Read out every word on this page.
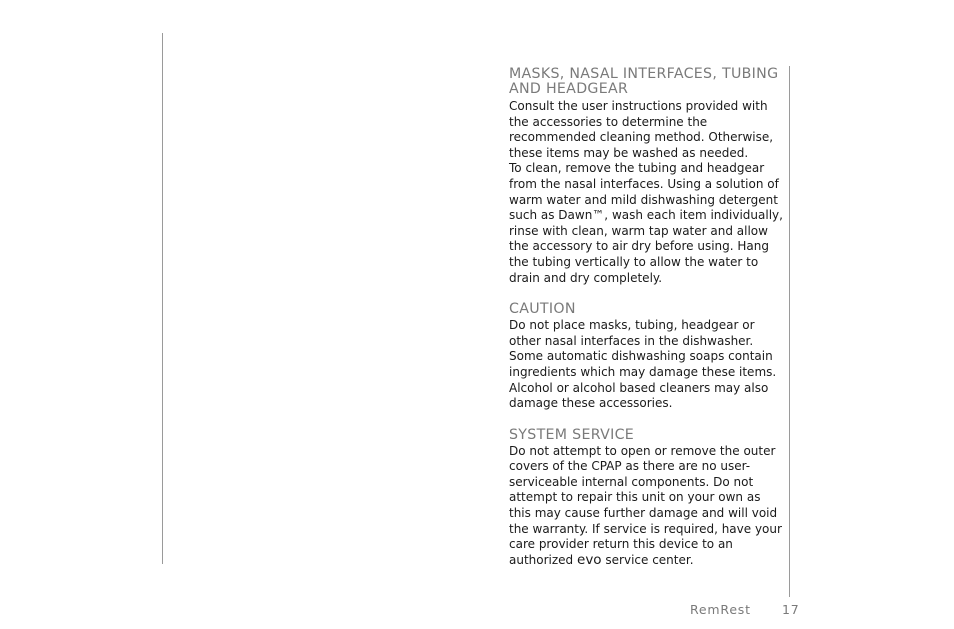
MASKS, NASAL INTERFACES, TUBING AND HEADGEAR

Consult the user instructions provided with the accessories to determine the recommended cleaning method. Otherwise, these items may be washed as needed.

To clean, remove the tubing and headgear from the nasal interfaces. Using a solution of warm water and mild dishwashing detergent such as Dawn™, wash each item individually, rinse with clean, warm tap water and allow the accessory to air dry before using. Hang the tubing vertically to allow the water to drain and dry completely.

CAUTION

Do not place masks, tubing, headgear or other nasal interfaces in the dishwasher. Some automatic dishwashing soaps contain ingredients which may damage these items. Alcohol or alcohol based cleaners may also damage these accessories.

SYSTEM SERVICE

Do not attempt to open or remove the outer covers of the CPAP as there are no user-serviceable internal components. Do not attempt to repair this unit on your own as this may cause further damage and will void the warranty. If service is required, have your care provider return this device to an authorized evo service center.

RemRest 17
